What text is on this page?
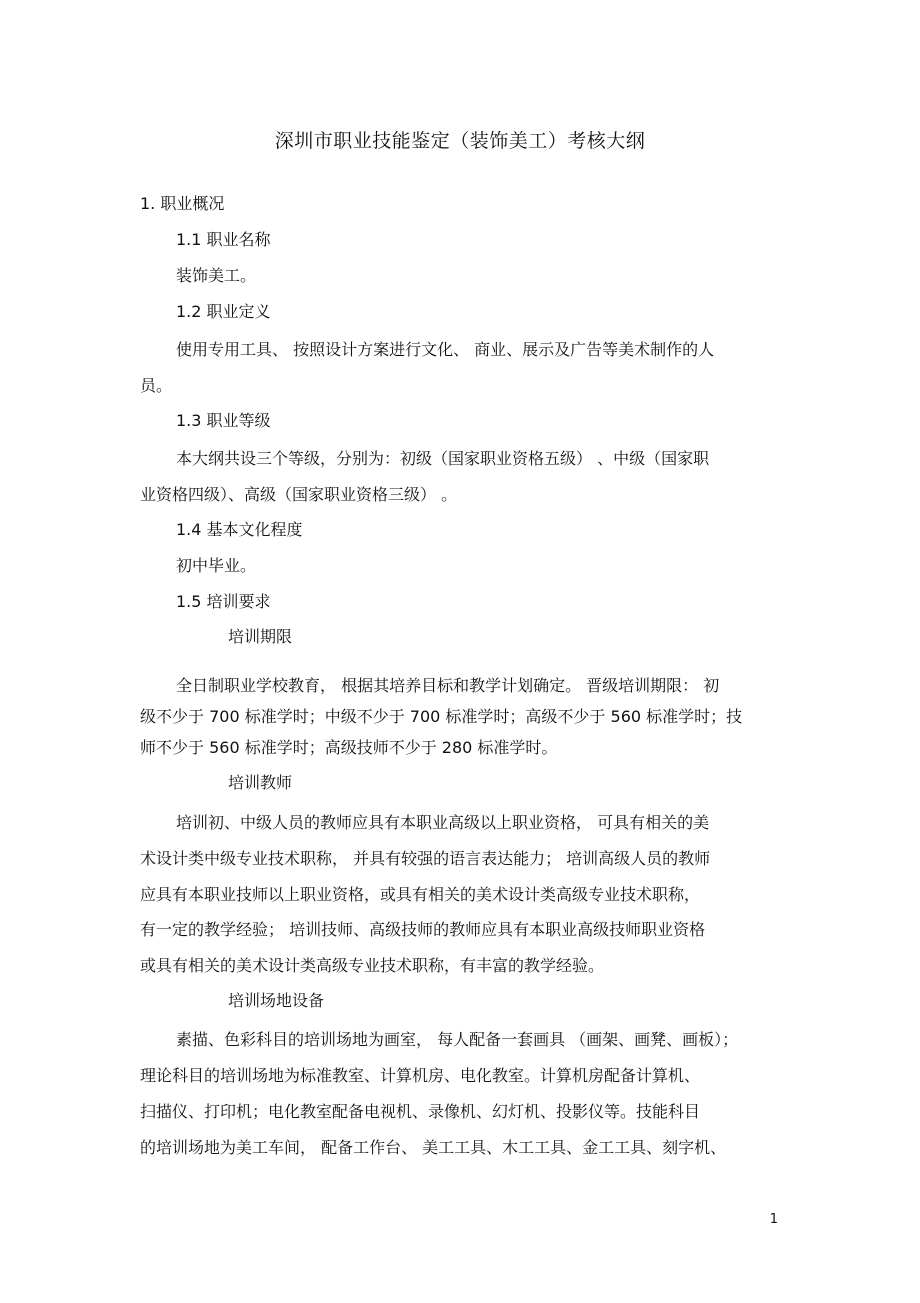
深圳市职业技能鉴定（装饰美工）考核大纲
1. 职业概况
1.1 职业名称
装饰美工。
1.2 职业定义
使用专用工具、 按照设计方案进行文化、 商业、展示及广告等美术制作的人
员。
1.3 职业等级
本大纲共设三个等级，分别为：初级（国家职业资格五级） 、中级（国家职
业资格四级）、高级（国家职业资格三级） 。
1.4 基本文化程度
初中毕业。
1.5 培训要求
培训期限
全日制职业学校教育， 根据其培养目标和教学计划确定。 晋级培训期限： 初
级不少于 700 标准学时；中级不少于 700 标准学时；高级不少于 560 标准学时；技
师不少于 560 标准学时；高级技师不少于 280 标准学时。
培训教师
培训初、中级人员的教师应具有本职业高级以上职业资格， 可具有相关的美
术设计类中级专业技术职称， 并具有较强的语言表达能力； 培训高级人员的教师
应具有本职业技师以上职业资格，或具有相关的美术设计类高级专业技术职称，
有一定的教学经验； 培训技师、高级技师的教师应具有本职业高级技师职业资格
或具有相关的美术设计类高级专业技术职称，有丰富的教学经验。
培训场地设备
素描、色彩科目的培训场地为画室， 每人配备一套画具 （画架、画凳、画板）；
理论科目的培训场地为标准教室、计算机房、电化教室。计算机房配备计算机、
扫描仪、打印机；电化教室配备电视机、录像机、幻灯机、投影仪等。技能科目
的培训场地为美工车间， 配备工作台、 美工工具、木工工具、金工工具、刻字机、
1
